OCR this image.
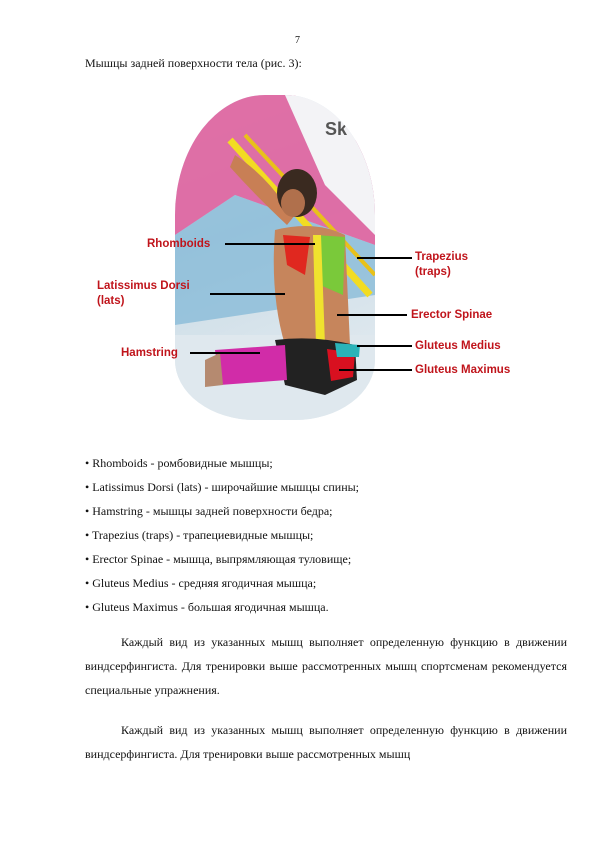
7
Мышцы задней поверхности тела (рис. 3):
Sk
Rhomboids
Latissimus Dorsi
(lats)
Hamstring
Trapezius
(traps)
Erector Spinae
Gluteus Medius
Gluteus Maximus
• Rhomboids - ромбовидные мышцы;
• Latissimus Dorsi (lats) - широчайшие мышцы спины;
• Hamstring - мышцы задней поверхности бедра;
• Trapezius (traps) - трапециевидные мышцы;
• Erector Spinae - мышца, выпрямляющая туловище;
• Gluteus Medius - средняя ягодичная мышца;
• Gluteus Maximus - большая ягодичная мышца.
Каждый вид из указанных мышц выполняет определенную функцию в движении виндсерфингиста. Для тренировки выше рассмотренных мышц спортсменам рекомендуется специальные упражнения.
Каждый вид из указанных мышц выполняет определенную функцию в движении виндсерфингиста. Для тренировки выше рассмотренных мышц
